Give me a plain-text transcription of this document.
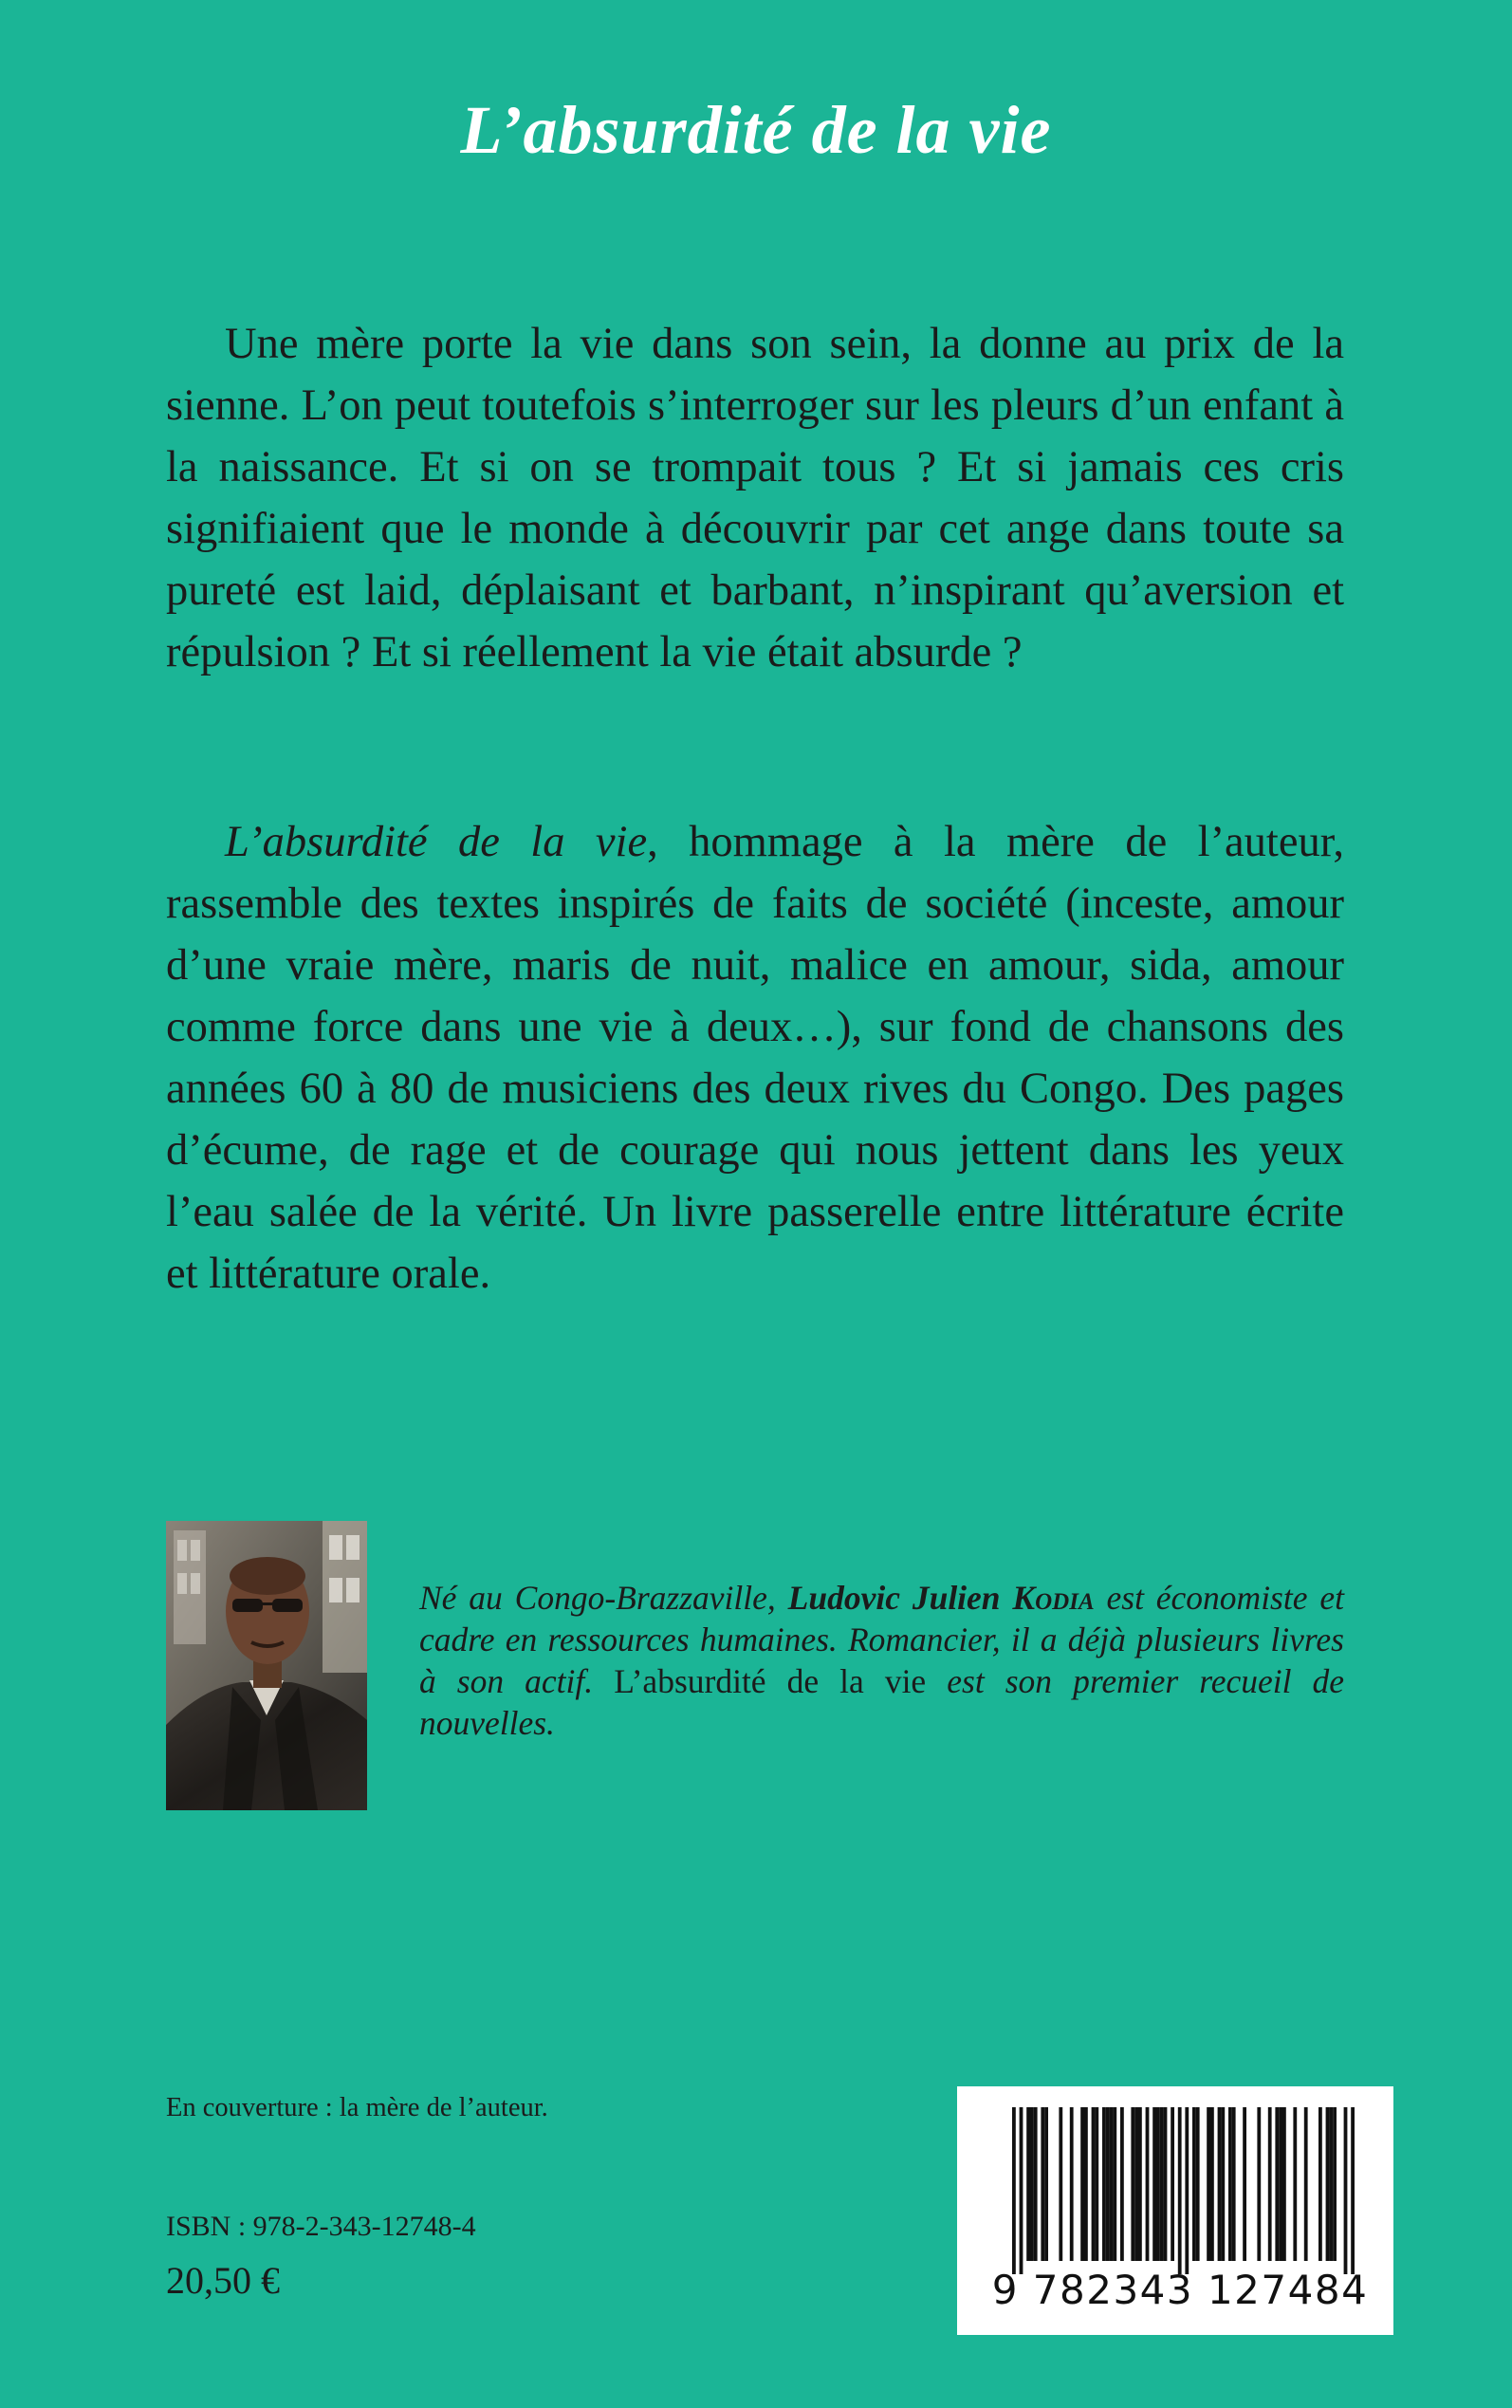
L’absurdité de la vie

Une mère porte la vie dans son sein, la donne au prix de la sienne. L’on peut toutefois s’interroger sur les pleurs d’un enfant à la naissance. Et si on se trompait tous ? Et si jamais ces cris signifiaient que le monde à découvrir par cet ange dans toute sa pureté est laid, déplaisant et barbant, n’inspirant qu’aversion et répulsion ? Et si réellement la vie était absurde ?

L’absurdité de la vie, hommage à la mère de l’auteur, rassemble des textes inspirés de faits de société (inceste, amour d’une vraie mère, maris de nuit, malice en amour, sida, amour comme force dans une vie à deux…), sur fond de chansons des années 60 à 80 de musiciens des deux rives du Congo. Des pages d’écume, de rage et de courage qui nous jettent dans les yeux l’eau salée de la vérité. Un livre passerelle entre littérature écrite et littérature orale.

Né au Congo-Brazzaville, Ludovic Julien Kodia est économiste et cadre en ressources humaines. Romancier, il a déjà plusieurs livres à son actif. L’absurdité de la vie est son premier recueil de nouvelles.

En couverture : la mère de l’auteur.
ISBN : 978-2-343-12748-4
20,50 €	9 782343 127484
